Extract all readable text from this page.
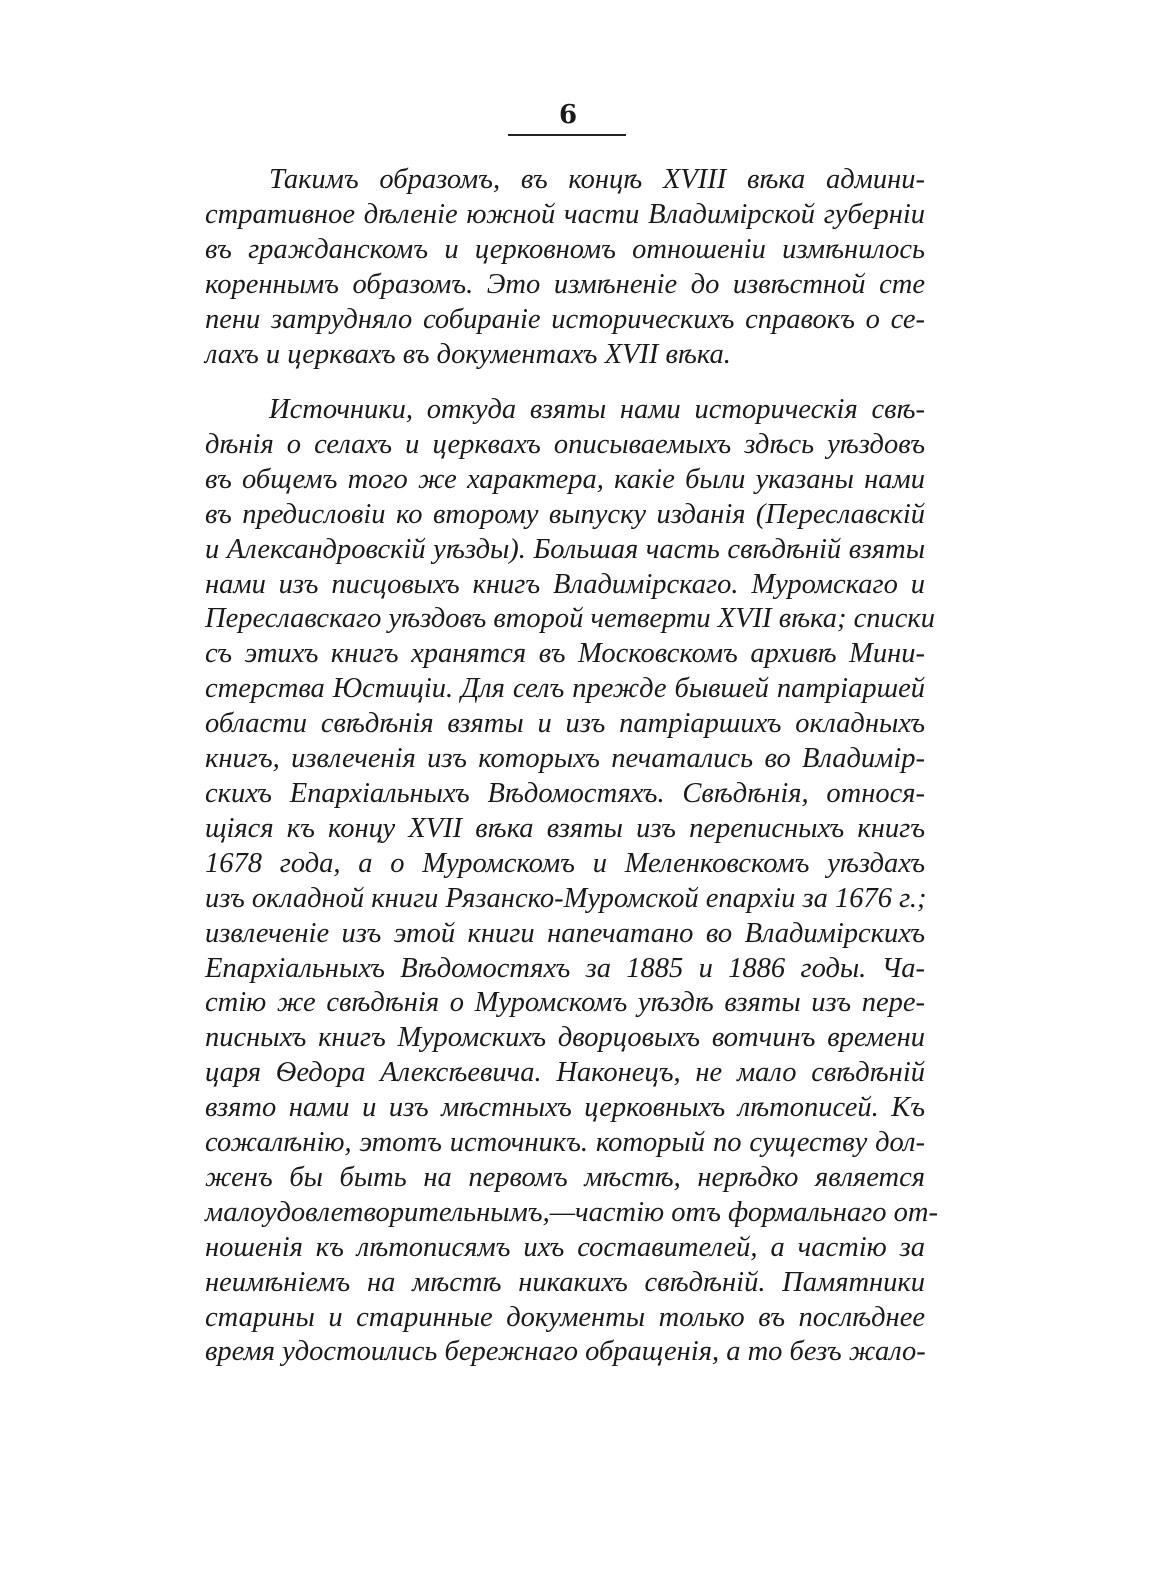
6
Такимъ образомъ, въ концѣ XVIII вѣка админи-
стративное дѣленіе южной части Владимірской губерніи
въ гражданскомъ и церковномъ отношеніи измѣнилось
кореннымъ образомъ. Это измѣненіе до извѣстной сте
пени затрудняло собираніе историческихъ справокъ о се-
лахъ и церквахъ въ документахъ XVII вѣка.
Источники, откуда взяты нами историческія свѣ-
дѣнія о селахъ и церквахъ описываемыхъ здѣсь уѣздовъ
въ общемъ того же характера, какіе были указаны нами
въ предисловіи ко второму выпуску изданія (Переславскій
и Александровскій уѣзды). Большая часть свѣдѣній взяты
нами изъ писцовыхъ книгъ Владимірскаго. Муромскаго и
Переславскаго уѣздовъ второй четверти XVII вѣка; списки
съ этихъ книгъ хранятся въ Московскомъ архивѣ Мини-
стерства Юстиціи. Для селъ прежде бывшей патріаршей
области свѣдѣнія взяты и изъ патріаршихъ окладныхъ
книгъ, извлеченія изъ которыхъ печатались во Владимір-
скихъ Епархіальныхъ Вѣдомостяхъ. Свѣдѣнія, относя-
щіяся къ концу XVII вѣка взяты изъ переписныхъ книгъ
1678 года, а о Муромскомъ и Меленковскомъ уѣздахъ
изъ окладной книги Рязанско-Муромской епархіи за 1676 г.;
извлеченіе изъ этой книги напечатано во Владимірскихъ
Епархіальныхъ Вѣдомостяхъ за 1885 и 1886 годы. Ча-
стію же свѣдѣнія о Муромскомъ уѣздѣ взяты изъ пере-
писныхъ книгъ Муромскихъ дворцовыхъ вотчинъ времени
царя Ѳедора Алексѣевича. Наконецъ, не мало свѣдѣній
взято нами и изъ мѣстныхъ церковныхъ лѣтописей. Къ
сожалѣнію, этотъ источникъ. который по существу дол-
женъ бы быть на первомъ мѣстѣ, нерѣдко является
малоудовлетворительнымъ,—частію отъ формальнаго от-
ношенія къ лѣтописямъ ихъ составителей, а частію за
неимѣніемъ на мѣстѣ никакихъ свѣдѣній. Памятники
старины и старинные документы только въ послѣднее
время удостоились бережнаго обращенія, а то безъ жало-
